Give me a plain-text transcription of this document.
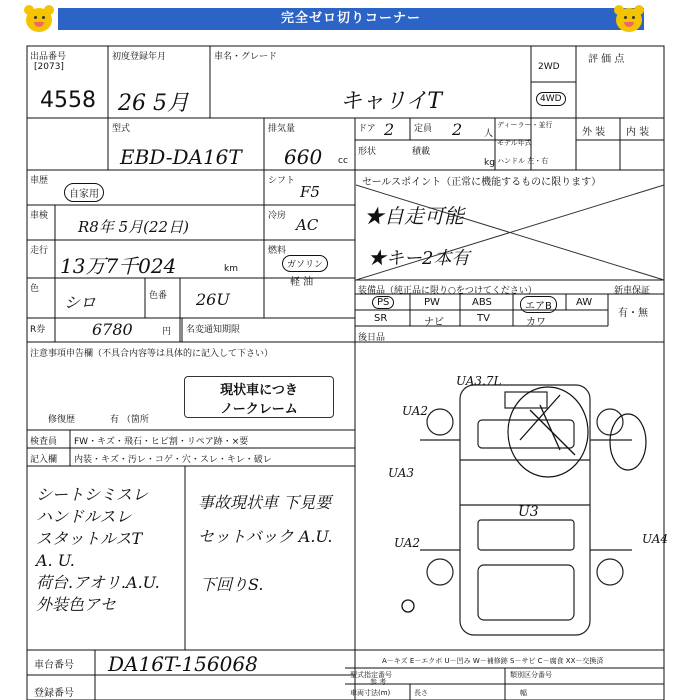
完全ゼロ切りコーナー
出品番号
[2073]
4558
初度登録年月
26 5月
車名・グレード
キャリイT
2WD
4WD
評 価 点
型式
EBD-DA16T
排気量
660 cc
ドア 2 定員 2 人
形状	積載
kg
ディーラー・並行
モデル年式
ハンドル 左・右
外 装 内 装
車歴
自家用
シフト
F5
車検
R8年 5月(22日)
冷房 AC
走行
13万7千024	km
燃料
ガソリン
軽 油
色
シロ	色番 26U
R券	6780	円 名変通知期限
セールスポイント（正常に機能するものに限ります）
★自走可能
★キー2本有
装備品（純正品に限り○をつけてください）	新車保証
有・無
PS	PW	ABS	エアB	AW
SR	ナビ	TV	カワ
後日品
注意事項申告欄（不具合内容等は具体的に記入して下さい）
現状車につき
ノークレーム
修復歴	有 （箇所
検査員
記入欄
FW・キズ・飛石・ヒビ割・リペア跡・×要
内装・キズ・汚レ・コゲ・穴・スレ・キレ・破レ
シートシミスレ
ハンドルスレ
スタットルスT
A. U.
荷台.アオリ.A.U.
外装色アセ
事故現状車 下見要
セットバック A.U.
下回りS.
UA3.7L
UA2
UA3
U3
UA2	UA4
車台番号 DA16T-156068
登録番号
A－キズ E－エクボ U－凹み W－補修跡 S－サビ C－腐食 XX－交換済
型式指定番号	類別区分番号
参 考
車両寸法(m)	長さ	幅
